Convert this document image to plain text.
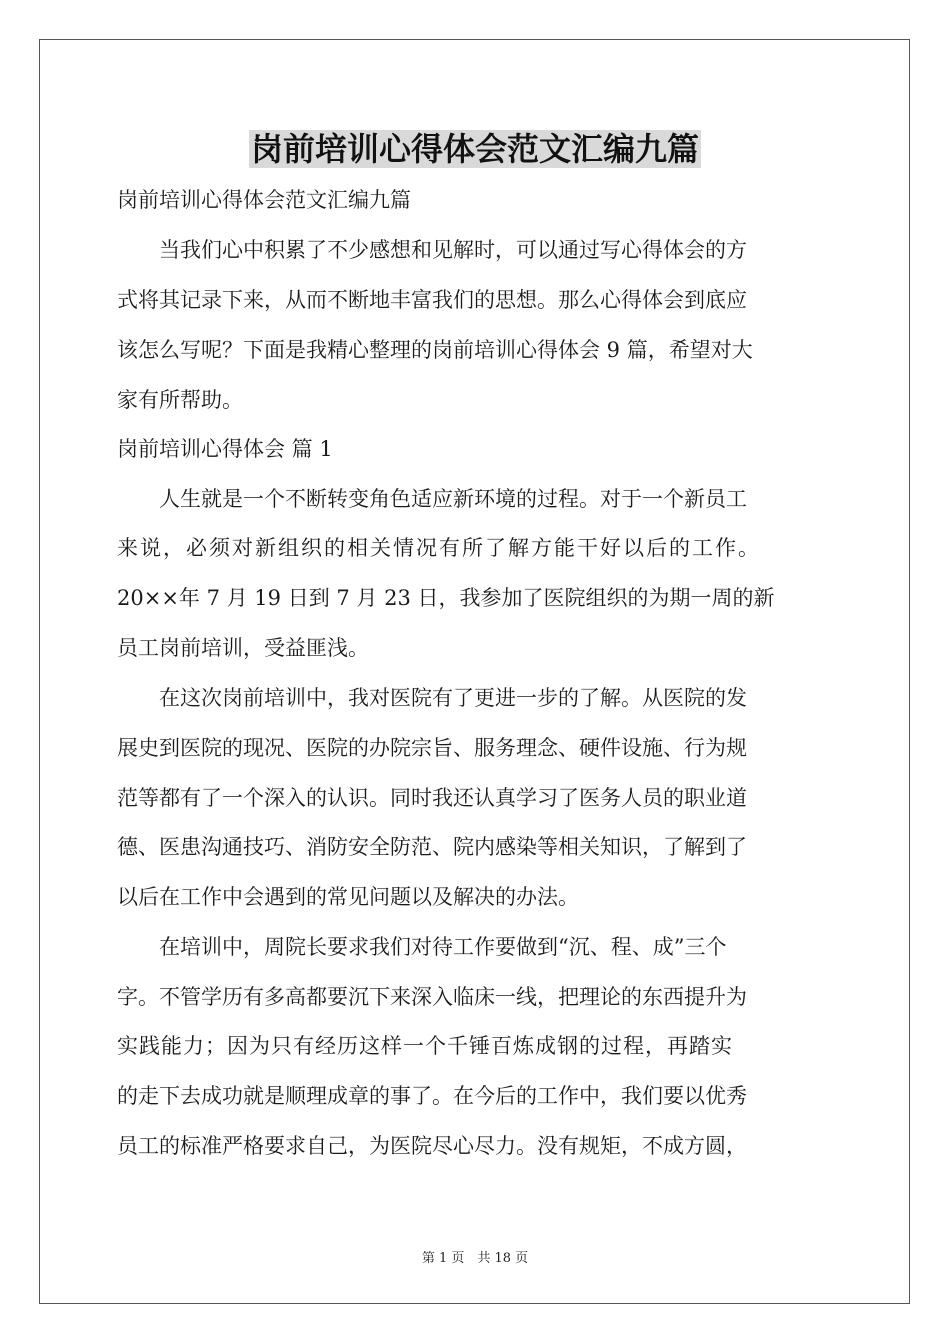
岗前培训心得体会范文汇编九篇
岗前培训心得体会范文汇编九篇
　　当我们心中积累了不少感想和见解时，可以通过写心得体会的方
式将其记录下来，从而不断地丰富我们的思想。那么心得体会到底应
该怎么写呢？下面是我精心整理的岗前培训心得体会 9 篇，希望对大
家有所帮助。
岗前培训心得体会 篇 1
　　人生就是一个不断转变角色适应新环境的过程。对于一个新员工
来说，必须对新组织的相关情况有所了解方能干好以后的工作。
20××年 7 月 19 日到 7 月 23 日，我参加了医院组织的为期一周的新
员工岗前培训，受益匪浅。
　　在这次岗前培训中，我对医院有了更进一步的了解。从医院的发
展史到医院的现况、医院的办院宗旨、服务理念、硬件设施、行为规
范等都有了一个深入的认识。同时我还认真学习了医务人员的职业道
德、医患沟通技巧、消防安全防范、院内感染等相关知识，了解到了
以后在工作中会遇到的常见问题以及解决的办法。
　　在培训中，周院长要求我们对待工作要做到“沉、程、成”三个
字。不管学历有多高都要沉下来深入临床一线，把理论的东西提升为
实践能力；因为只有经历这样一个千锤百炼成钢的过程，再踏实
的走下去成功就是顺理成章的事了。在今后的工作中，我们要以优秀
员工的标准严格要求自己，为医院尽心尽力。没有规矩，不成方圆，
第 1 页　共 18 页
